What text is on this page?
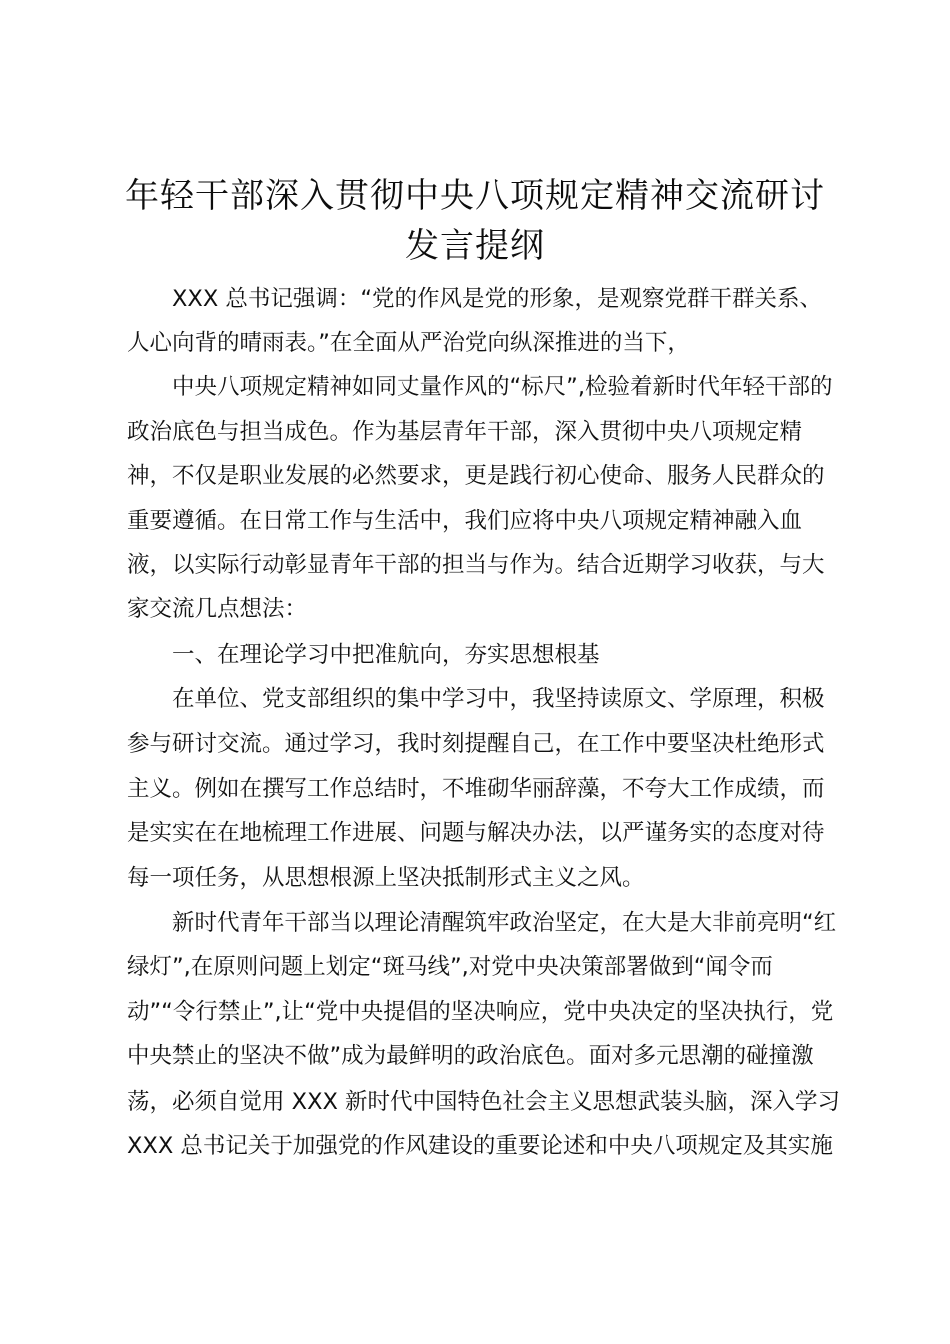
年轻干部深入贯彻中央八项规定精神交流研讨
发言提纲
XXX 总书记强调：“党的作风是党的形象，是观察党群干群关系、
人心向背的晴雨表。”在全面从严治党向纵深推进的当下，
中央八项规定精神如同丈量作风的“标尺”,检验着新时代年轻干部的
政治底色与担当成色。作为基层青年干部，深入贯彻中央八项规定精
神，不仅是职业发展的必然要求，更是践行初心使命、服务人民群众的
重要遵循。在日常工作与生活中，我们应将中央八项规定精神融入血
液，以实际行动彰显青年干部的担当与作为。结合近期学习收获，与大
家交流几点想法：
一、在理论学习中把准航向，夯实思想根基
在单位、党支部组织的集中学习中，我坚持读原文、学原理，积极
参与研讨交流。通过学习，我时刻提醒自己，在工作中要坚决杜绝形式
主义。例如在撰写工作总结时，不堆砌华丽辞藻，不夸大工作成绩，而
是实实在在地梳理工作进展、问题与解决办法，以严谨务实的态度对待
每一项任务，从思想根源上坚决抵制形式主义之风。
新时代青年干部当以理论清醒筑牢政治坚定，在大是大非前亮明“红
绿灯”,在原则问题上划定“斑马线”,对党中央决策部署做到“闻令而
动”“令行禁止”,让“党中央提倡的坚决响应，党中央决定的坚决执行，党
中央禁止的坚决不做”成为最鲜明的政治底色。面对多元思潮的碰撞激
荡，必须自觉用 XXX 新时代中国特色社会主义思想武装头脑，深入学习
XXX 总书记关于加强党的作风建设的重要论述和中央八项规定及其实施
